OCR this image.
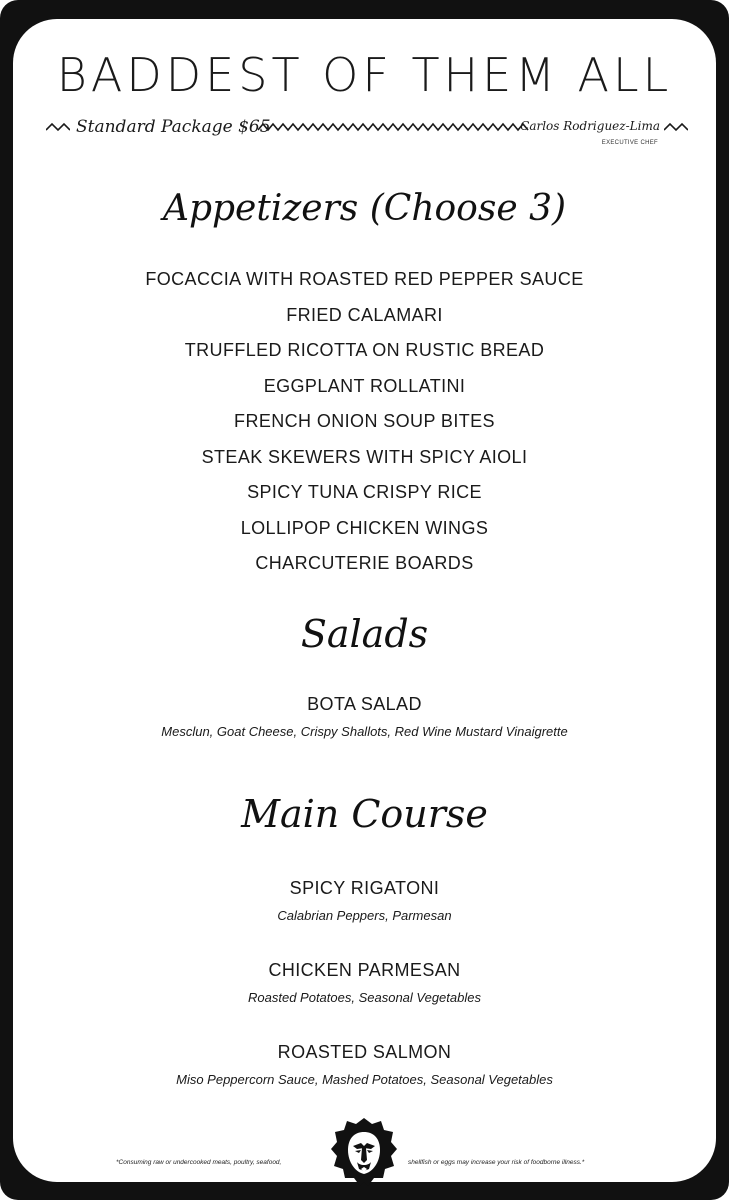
BADDEST OF THEM ALL
Standard Package $65	Carlos Rodriguez-Lima
EXECUTIVE CHEF
Appetizers (Choose 3)
FOCACCIA WITH ROASTED RED PEPPER SAUCE
FRIED CALAMARI
TRUFFLED RICOTTA ON RUSTIC BREAD
EGGPLANT ROLLATINI
FRENCH ONION SOUP BITES
STEAK SKEWERS WITH SPICY AIOLI
SPICY TUNA CRISPY RICE
LOLLIPOP CHICKEN WINGS
CHARCUTERIE BOARDS
Salads
BOTA SALAD
Mesclun, Goat Cheese, Crispy Shallots, Red Wine Mustard Vinaigrette
Main Course
SPICY RIGATONI
Calabrian Peppers, Parmesan
CHICKEN PARMESAN
Roasted Potatoes, Seasonal Vegetables
ROASTED SALMON
Miso Peppercorn Sauce, Mashed Potatoes, Seasonal Vegetables
*Consuming raw or undercooked meats, poultry, seafood,	shellfish or eggs may increase your risk of foodborne illness.*
